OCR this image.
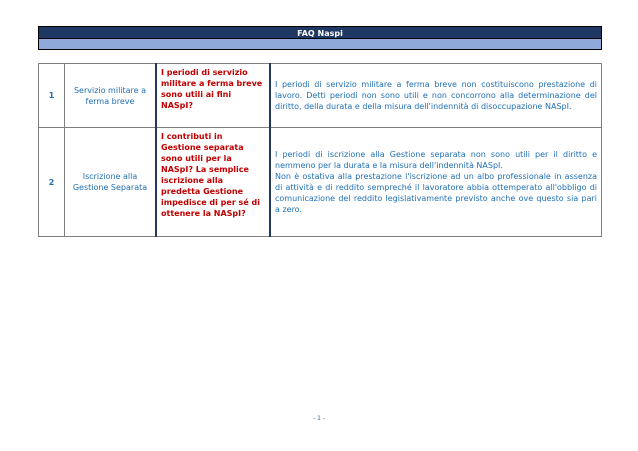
FAQ Naspi
1	Servizio militare a ferma breve	I periodi di servizio militare a ferma breve sono utili ai fini NASpI?	I periodi di servizio militare a ferma breve non costituiscono prestazione di lavoro. Detti periodi non sono utili e non concorrono alla determinazione del diritto, della durata e della misura dell'indennità di disoccupazione NASpI.

2	Iscrizione alla Gestione Separata	I contributi in Gestione separata sono utili per la NASpI? La semplice iscrizione alla predetta Gestione impedisce di per sé di ottenere la NASpI?	I periodi di iscrizione alla Gestione separata non sono utili per il diritto e nemmeno per la durata e la misura dell'indennità NASpI.

Non è ostativa alla prestazione l'iscrizione ad un albo professionale in assenza di attività e di reddito sempreché il lavoratore abbia ottemperato all'obbligo di comunicazione del reddito legislativamente previsto anche ove questo sia pari a zero.

- 1 -
